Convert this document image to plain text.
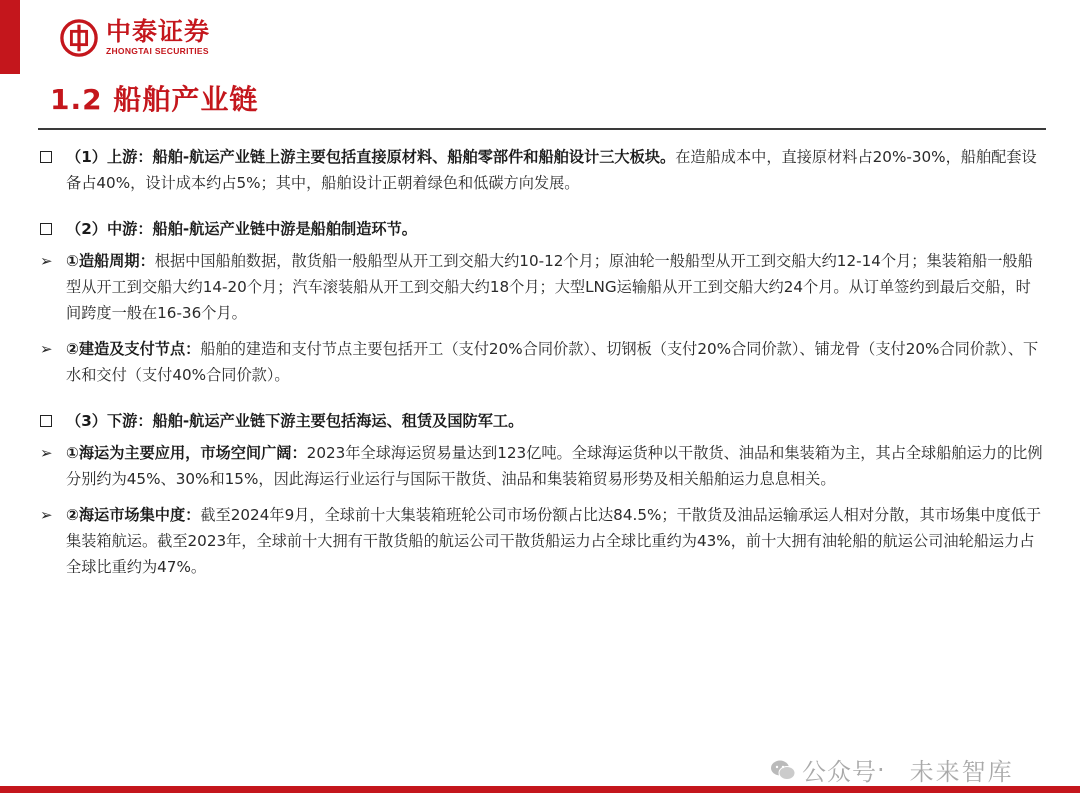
中泰证券
ZHONGTAI SECURITIES
1.2 船舶产业链
（1）上游：船舶-航运产业链上游主要包括直接原材料、船舶零部件和船舶设计三大板块。在造船成本中，直接原材料占20%-30%，船舶配套设备占40%，设计成本约占5%；其中，船舶设计正朝着绿色和低碳方向发展。
（2）中游：船舶-航运产业链中游是船舶制造环节。
➢ ①造船周期：根据中国船舶数据，散货船一般船型从开工到交船大约10-12个月；原油轮一般船型从开工到交船大约12-14个月；集装箱船一般船型从开工到交船大约14-20个月；汽车滚装船从开工到交船大约18个月；大型LNG运输船从开工到交船大约24个月。从订单签约到最后交船，时间跨度一般在16-36个月。
➢ ②建造及支付节点：船舶的建造和支付节点主要包括开工（支付20%合同价款）、切钢板（支付20%合同价款）、铺龙骨（支付20%合同价款）、下水和交付（支付40%合同价款）。
（3）下游：船舶-航运产业链下游主要包括海运、租赁及国防军工。
➢ ①海运为主要应用，市场空间广阔：2023年全球海运贸易量达到123亿吨。全球海运货种以干散货、油品和集装箱为主，其占全球船舶运力的比例分别约为45%、30%和15%，因此海运行业运行与国际干散货、油品和集装箱贸易形势及相关船舶运力息息相关。
➢ ②海运市场集中度：截至2024年9月，全球前十大集装箱班轮公司市场份额占比达84.5%；干散货及油品运输承运人相对分散，其市场集中度低于集装箱航运。截至2023年，全球前十大拥有干散货船的航运公司干散货船运力占全球比重约为43%，前十大拥有油轮船的航运公司油轮船运力占全球比重约为47%。
公众号 · 未来智库
